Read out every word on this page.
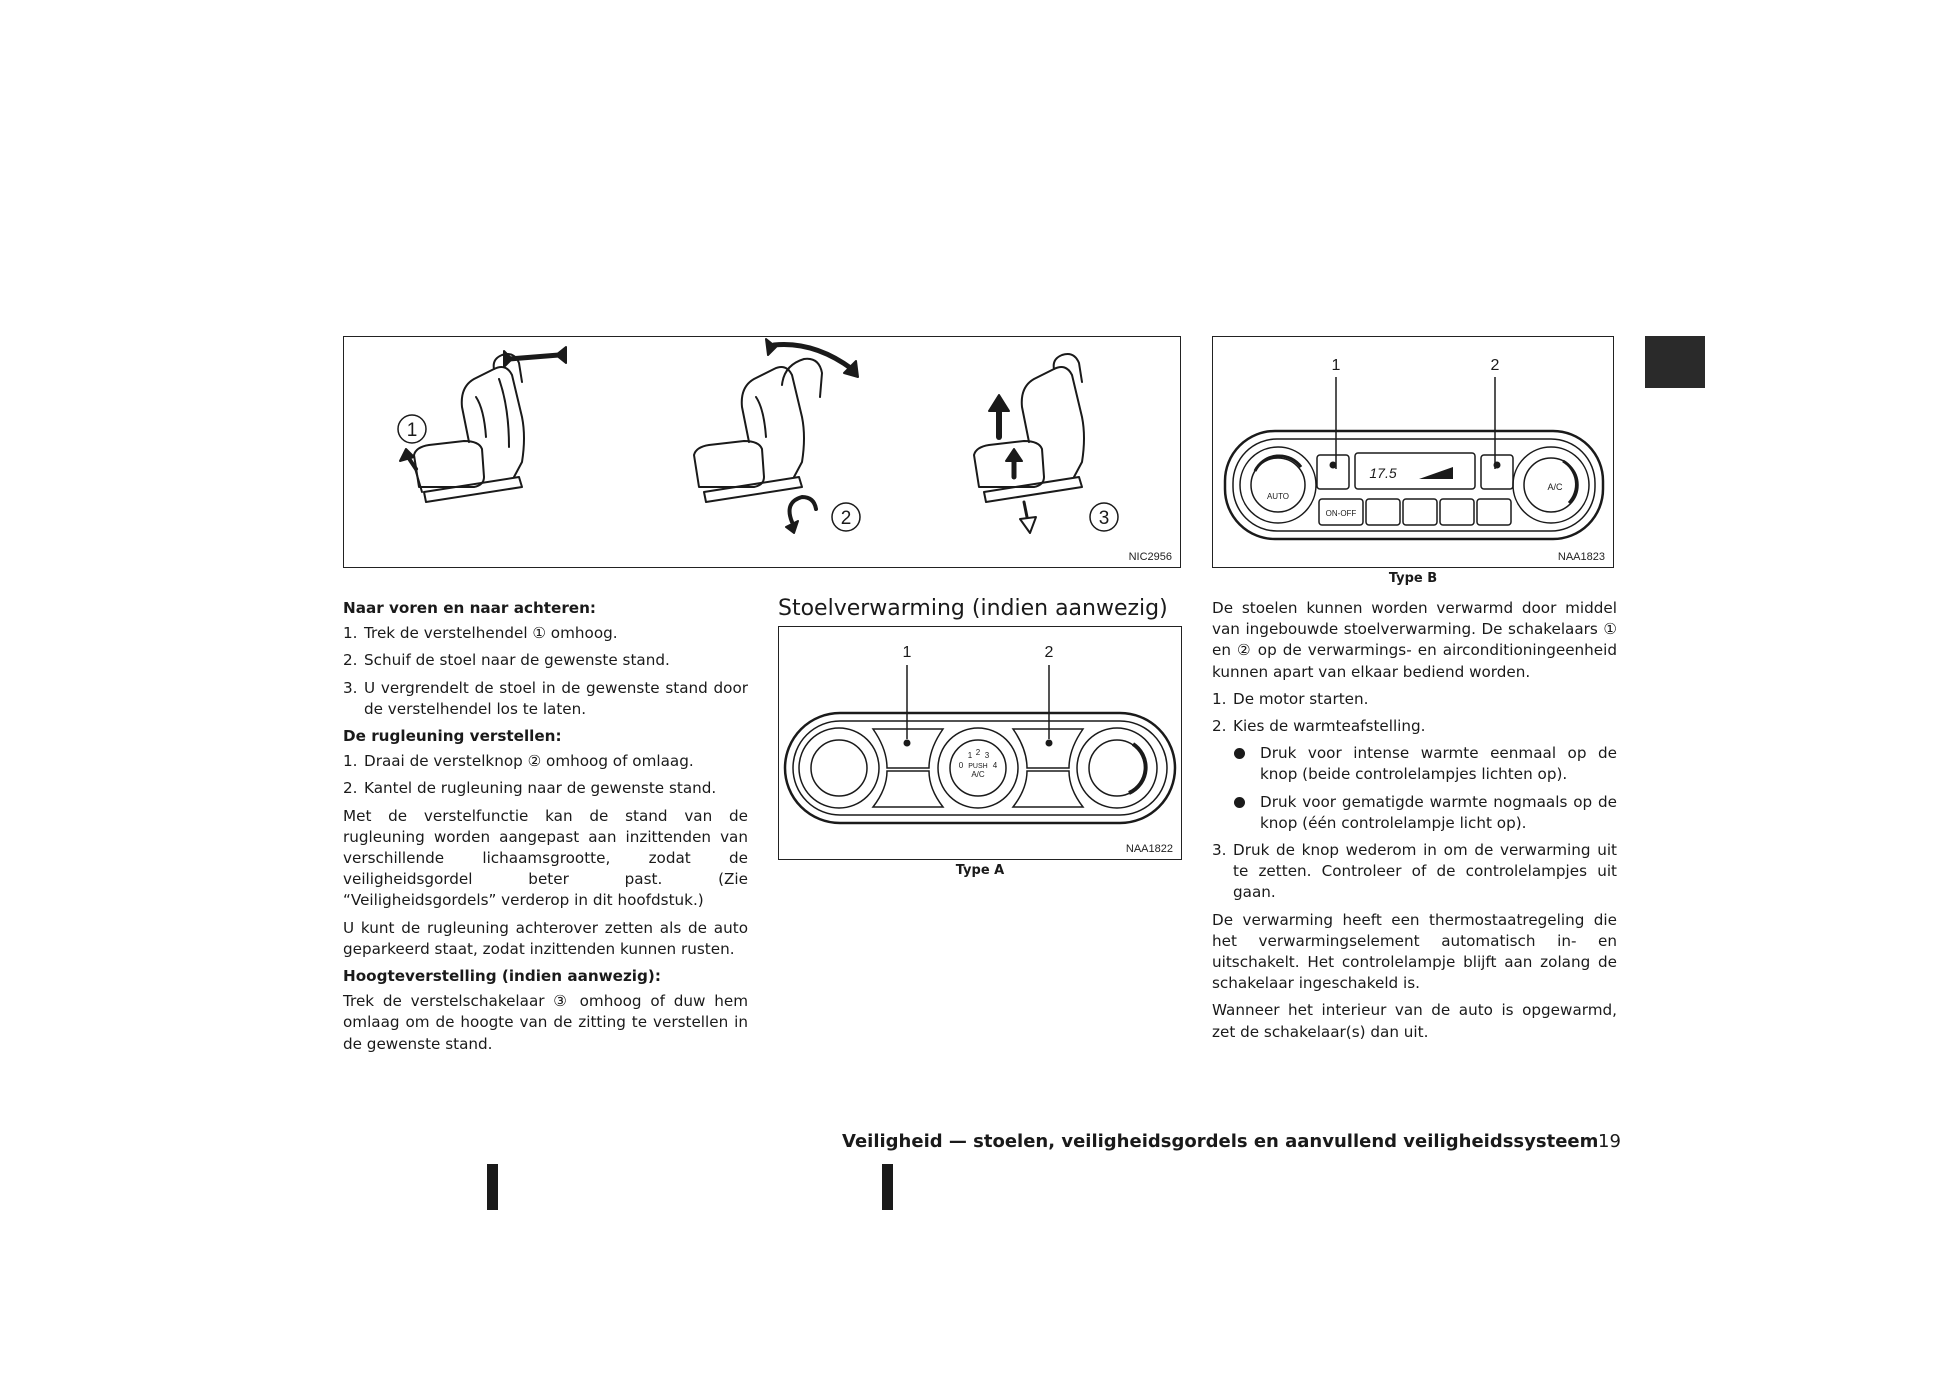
1
2	3
NIC2956
1	2
AUTO
ON-OFF
A/C
17.5
NAA1823
Type B

Naar voren en naar achteren:

1. Trek de verstelhendel ① omhoog.
2. Schuif de stoel naar de gewenste stand.
3. U vergrendelt de stoel in de gewenste stand door de verstelhendel los te laten.

De rugleuning verstellen:

1. Draai de verstelknop ② omhoog of omlaag.
2. Kantel de rugleuning naar de gewenste stand.

Met de verstelfunctie kan de stand van de rugleuning worden aangepast aan inzittenden van verschillende lichaamsgrootte, zodat de veiligheidsgordel beter past. (Zie “Veiligheidsgordels” verderop in dit hoofdstuk.)

U kunt de rugleuning achterover zetten als de auto geparkeerd staat, zodat inzittenden kunnen rusten.

Hoogteverstelling (indien aanwezig):

Trek de verstelschakelaar ③ omhoog of duw hem omlaag om de hoogte van de zitting te verstellen in de gewenste stand.

Stoelverwarming (indien aanwezig)
1	2
0
1 2 3
4
PUSH
A/C
NAA1822
Type A

De stoelen kunnen worden verwarmd door middel van ingebouwde stoelverwarming. De schakelaars ① en ② op de verwarmings- en airconditioningeenheid kunnen apart van elkaar bediend worden.

1. De motor starten.
2. Kies de warmteafstelling.
Druk voor intense warmte eenmaal op de knop (beide controlelampjes lichten op).
Druk voor gematigde warmte nogmaals op de knop (één controlelampje licht op).
3. Druk de knop wederom in om de verwarming uit te zetten. Controleer of de controlelampjes uit gaan.

De verwarming heeft een thermostaatregeling die het verwarmingselement automatisch in- en uitschakelt. Het controlelampje blijft aan zolang de schakelaar ingeschakeld is.

Wanneer het interieur van de auto is opgewarmd, zet de schakelaar(s) dan uit.

Veiligheid — stoelen, veiligheidsgordels en aanvullend veiligheidssysteem 19
